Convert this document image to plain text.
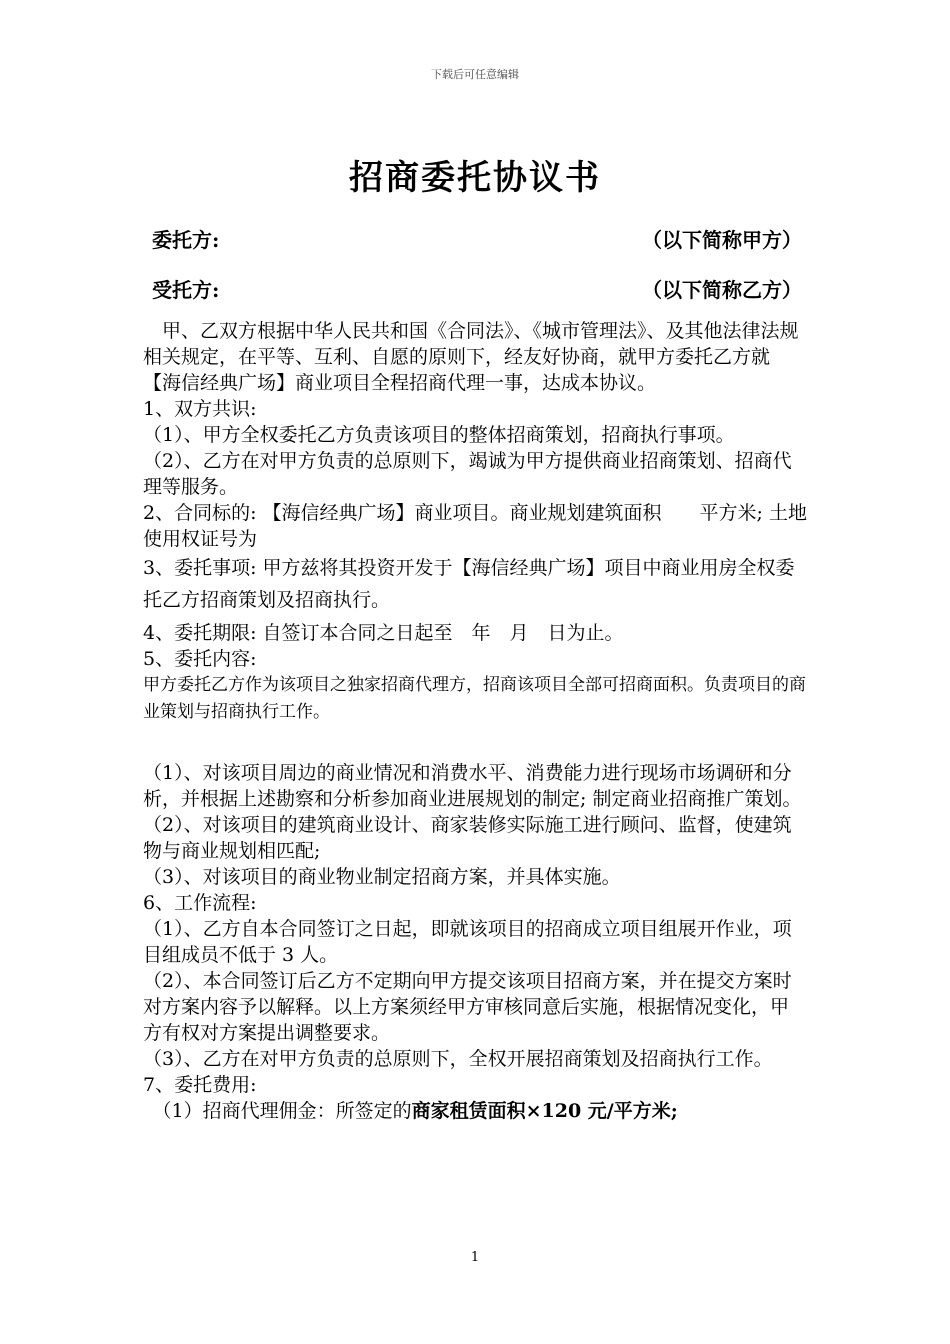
下载后可任意编辑
招商委托协议书
委托方:	（以下简称甲方）
受托方:	（以下简称乙方）

　甲、乙双方根据中华人民共和国《合同法》、《城市管理法》、及其他法律法规相关规定，在平等、互利、自愿的原则下，经友好协商，就甲方委托乙方就【海信经典广场】商业项目全程招商代理一事，达成本协议。

1、双方共识:

（1）、甲方全权委托乙方负责该项目的整体招商策划，招商执行事项。

（2）、乙方在对甲方负责的总原则下，竭诚为甲方提供商业招商策划、招商代理等服务。

2、合同标的: 【海信经典广场】商业项目。商业规划建筑面积　　平方米; 土地使用权证号为

3、委托事项: 甲方兹将其投资开发于【海信经典广场】项目中商业用房全权委托乙方招商策划及招商执行。

4、委托期限: 自签订本合同之日起至　年　月　日为止。

5、委托内容:

甲方委托乙方作为该项目之独家招商代理方，招商该项目全部可招商面积。负责项目的商业策划与招商执行工作。

（1）、对该项目周边的商业情况和消费水平、消费能力进行现场市场调研和分析，并根据上述勘察和分析参加商业进展规划的制定; 制定商业招商推广策划。

（2）、对该项目的建筑商业设计、商家装修实际施工进行顾问、监督，使建筑物与商业规划相匹配;

（3）、对该项目的商业物业制定招商方案，并具体实施。

6、工作流程:

（1）、乙方自本合同签订之日起，即就该项目的招商成立项目组展开作业，项目组成员不低于 3 人。

（2）、本合同签订后乙方不定期向甲方提交该项目招商方案，并在提交方案时对方案内容予以解释。以上方案须经甲方审核同意后实施，根据情况变化，甲方有权对方案提出调整要求。

（3）、乙方在对甲方负责的总原则下，全权开展招商策划及招商执行工作。

7、委托费用:

　（1）招商代理佣金：所签定的商家租赁面积×120 元/平方米;

1
